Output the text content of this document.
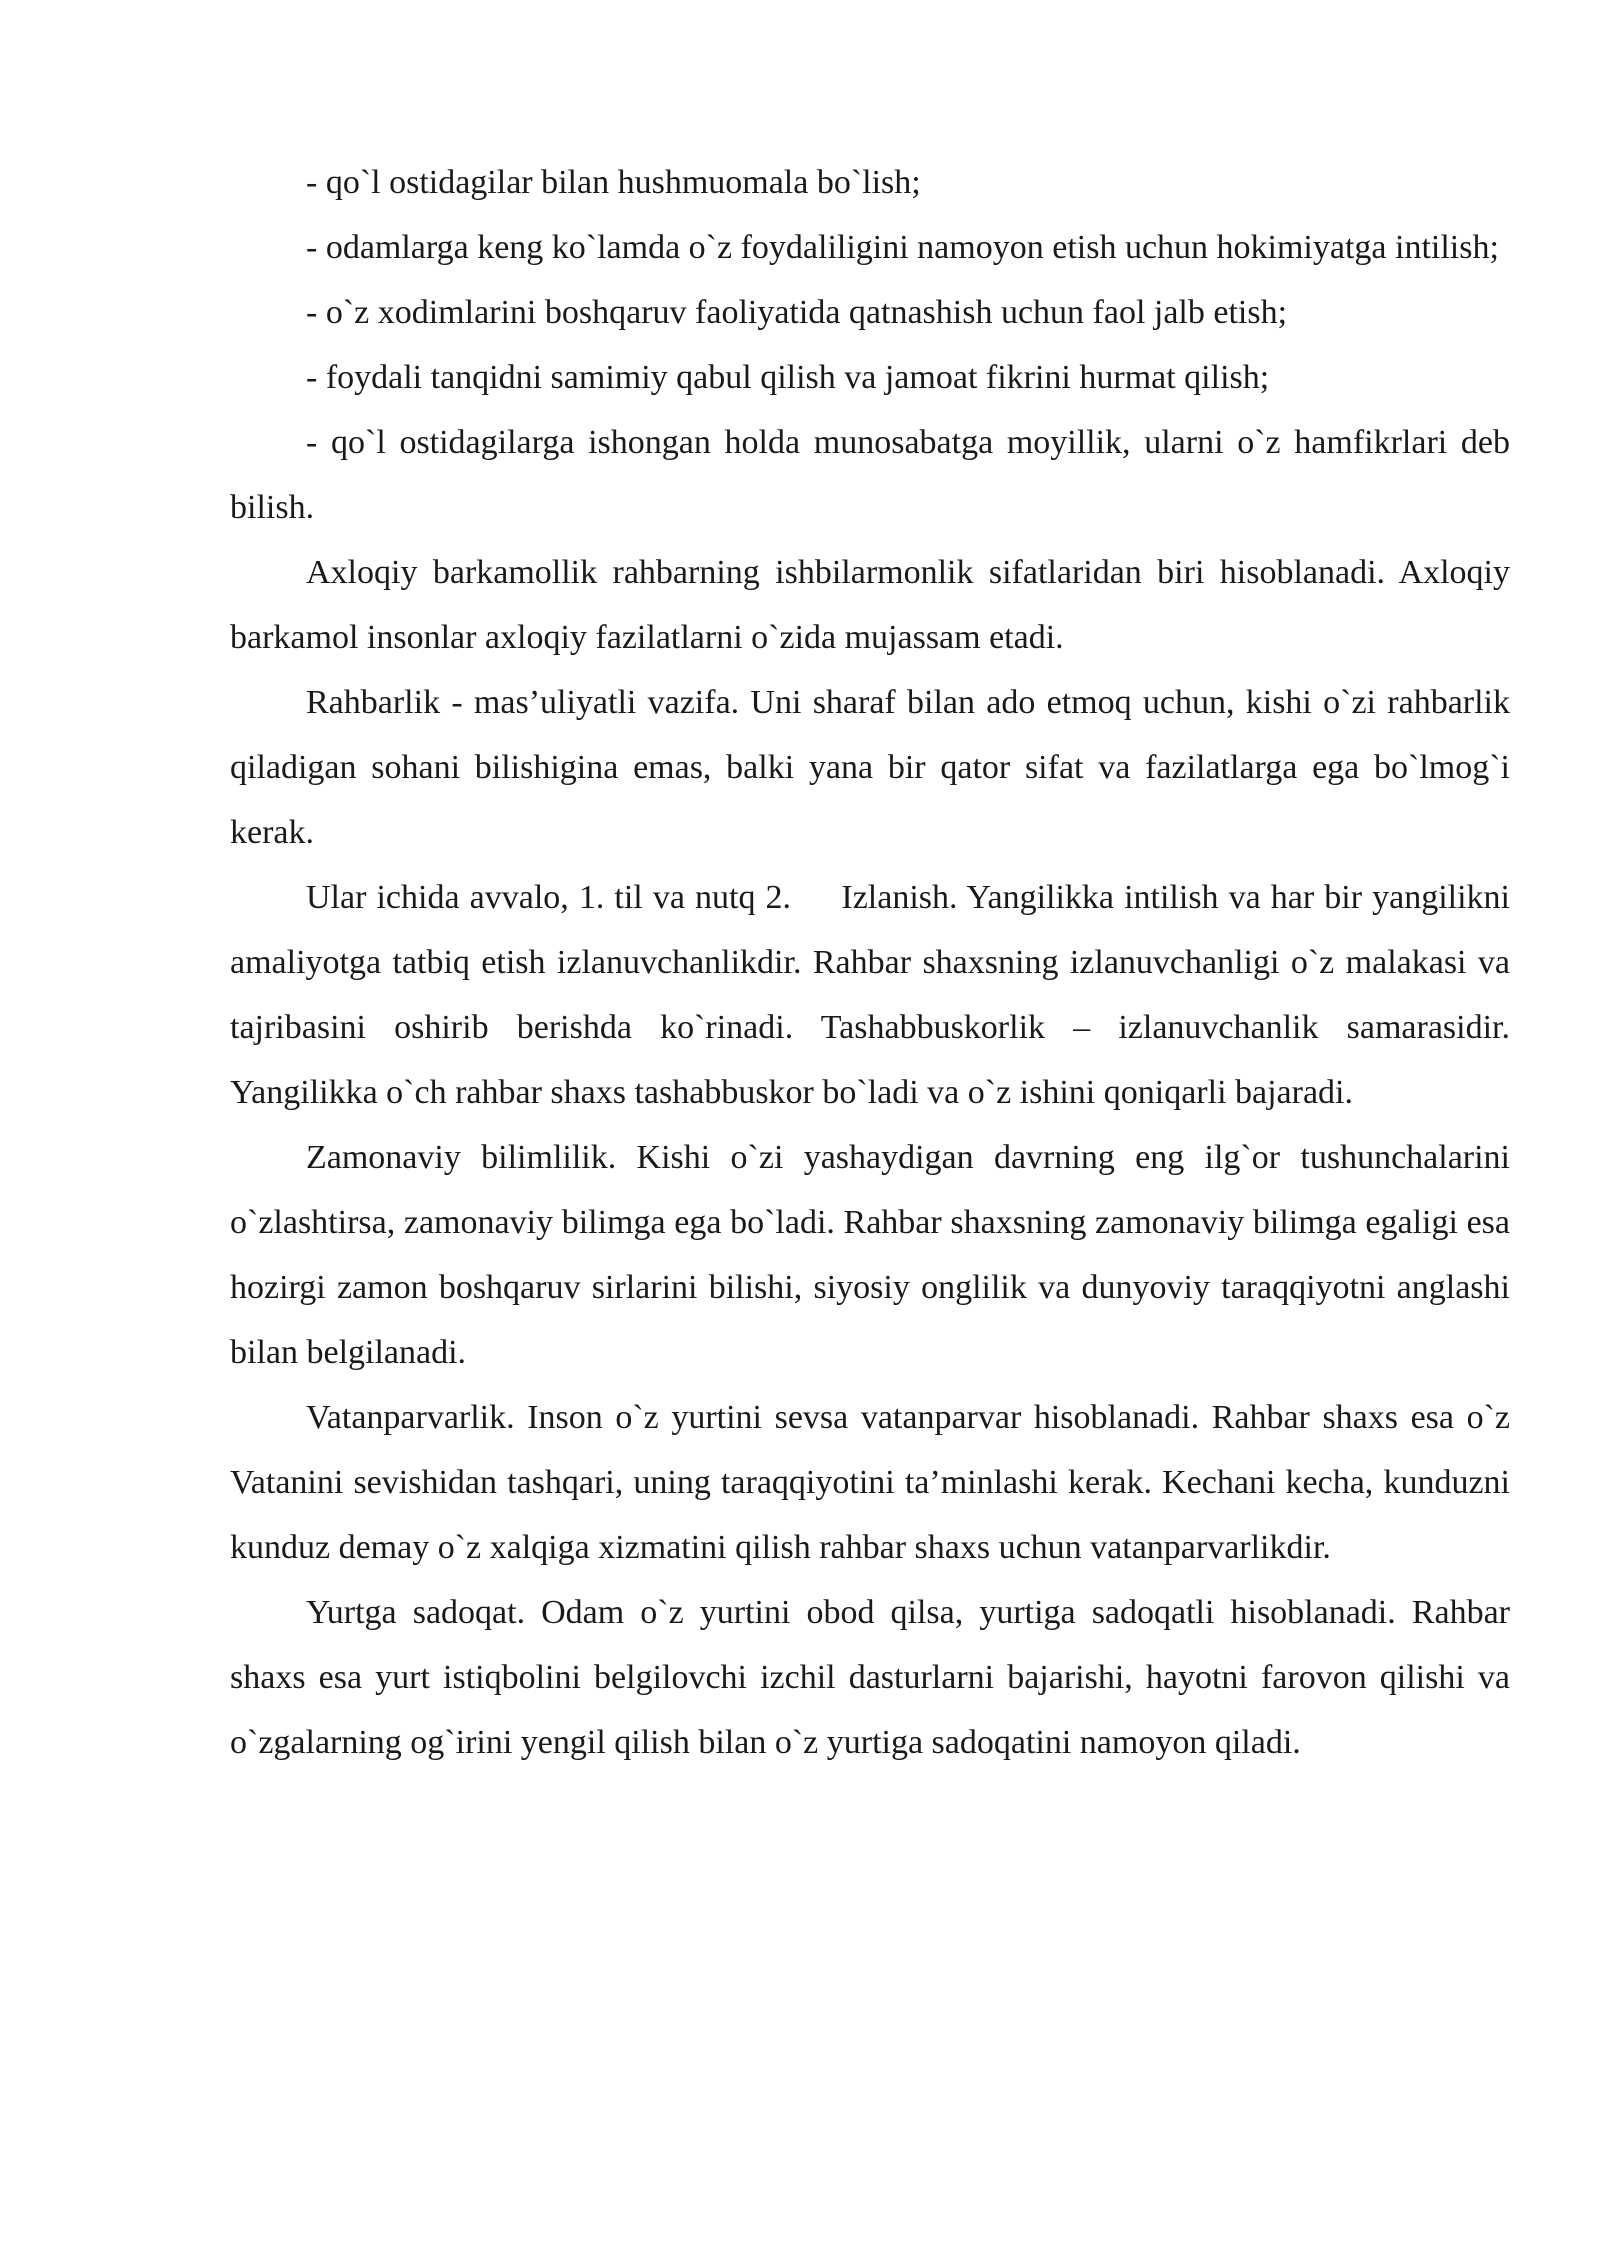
- qo`l ostidagilar bilan hushmuomala bo`lish;

- odamlarga keng ko`lamda o`z foydaliligini namoyon etish uchun hokimiyatga intilish;

- o`z xodimlarini boshqaruv faoliyatida qatnashish uchun faol jalb etish;

- foydali tanqidni samimiy qabul qilish va jamoat fikrini hurmat qilish;

- qo`l ostidagilarga ishongan holda munosabatga moyillik, ularni o`z hamfikrlari deb bilish.

Axloqiy barkamollik rahbarning ishbilarmonlik sifatlaridan biri hisoblanadi. Axloqiy barkamol insonlar axloqiy fazilatlarni o`zida mujassam etadi.

Rahbarlik - mas’uliyatli vazifa. Uni sharaf bilan ado etmoq uchun, kishi o`zi rahbarlik qiladigan sohani bilishigina emas, balki yana bir qator sifat va fazilatlarga ega bo`lmog`i kerak.

Ular ichida avvalo, 1. til va nutq 2.     Izlanish. Yangilikka intilish va har bir yangilikni amaliyotga tatbiq etish izlanuvchanlikdir. Rahbar shaxsning izlanuvchanligi o`z malakasi va tajribasini oshirib berishda ko`rinadi. Tashabbuskorlik – izlanuvchanlik samarasidir. Yangilikka o`ch rahbar shaxs tashabbuskor bo`ladi va o`z ishini qoniqarli bajaradi.

Zamonaviy bilimlilik. Kishi o`zi yashaydigan davrning eng ilg`or tushunchalarini o`zlashtirsa, zamonaviy bilimga ega bo`ladi. Rahbar shaxsning zamonaviy bilimga egaligi esa hozirgi zamon boshqaruv sirlarini bilishi, siyosiy onglilik va dunyoviy taraqqiyotni anglashi bilan belgilanadi.

Vatanparvarlik. Inson o`z yurtini sevsa vatanparvar hisoblanadi. Rahbar shaxs esa o`z Vatanini sevishidan tashqari, uning taraqqiyotini ta’minlashi kerak. Kechani kecha, kunduzni kunduz demay o`z xalqiga xizmatini qilish rahbar shaxs uchun vatanparvarlikdir.

Yurtga sadoqat. Odam o`z yurtini obod qilsa, yurtiga sadoqatli hisoblanadi. Rahbar shaxs esa yurt istiqbolini belgilovchi izchil dasturlarni bajarishi, hayotni farovon qilishi va o`zgalarning og`irini yengil qilish bilan o`z yurtiga sadoqatini namoyon qiladi.
